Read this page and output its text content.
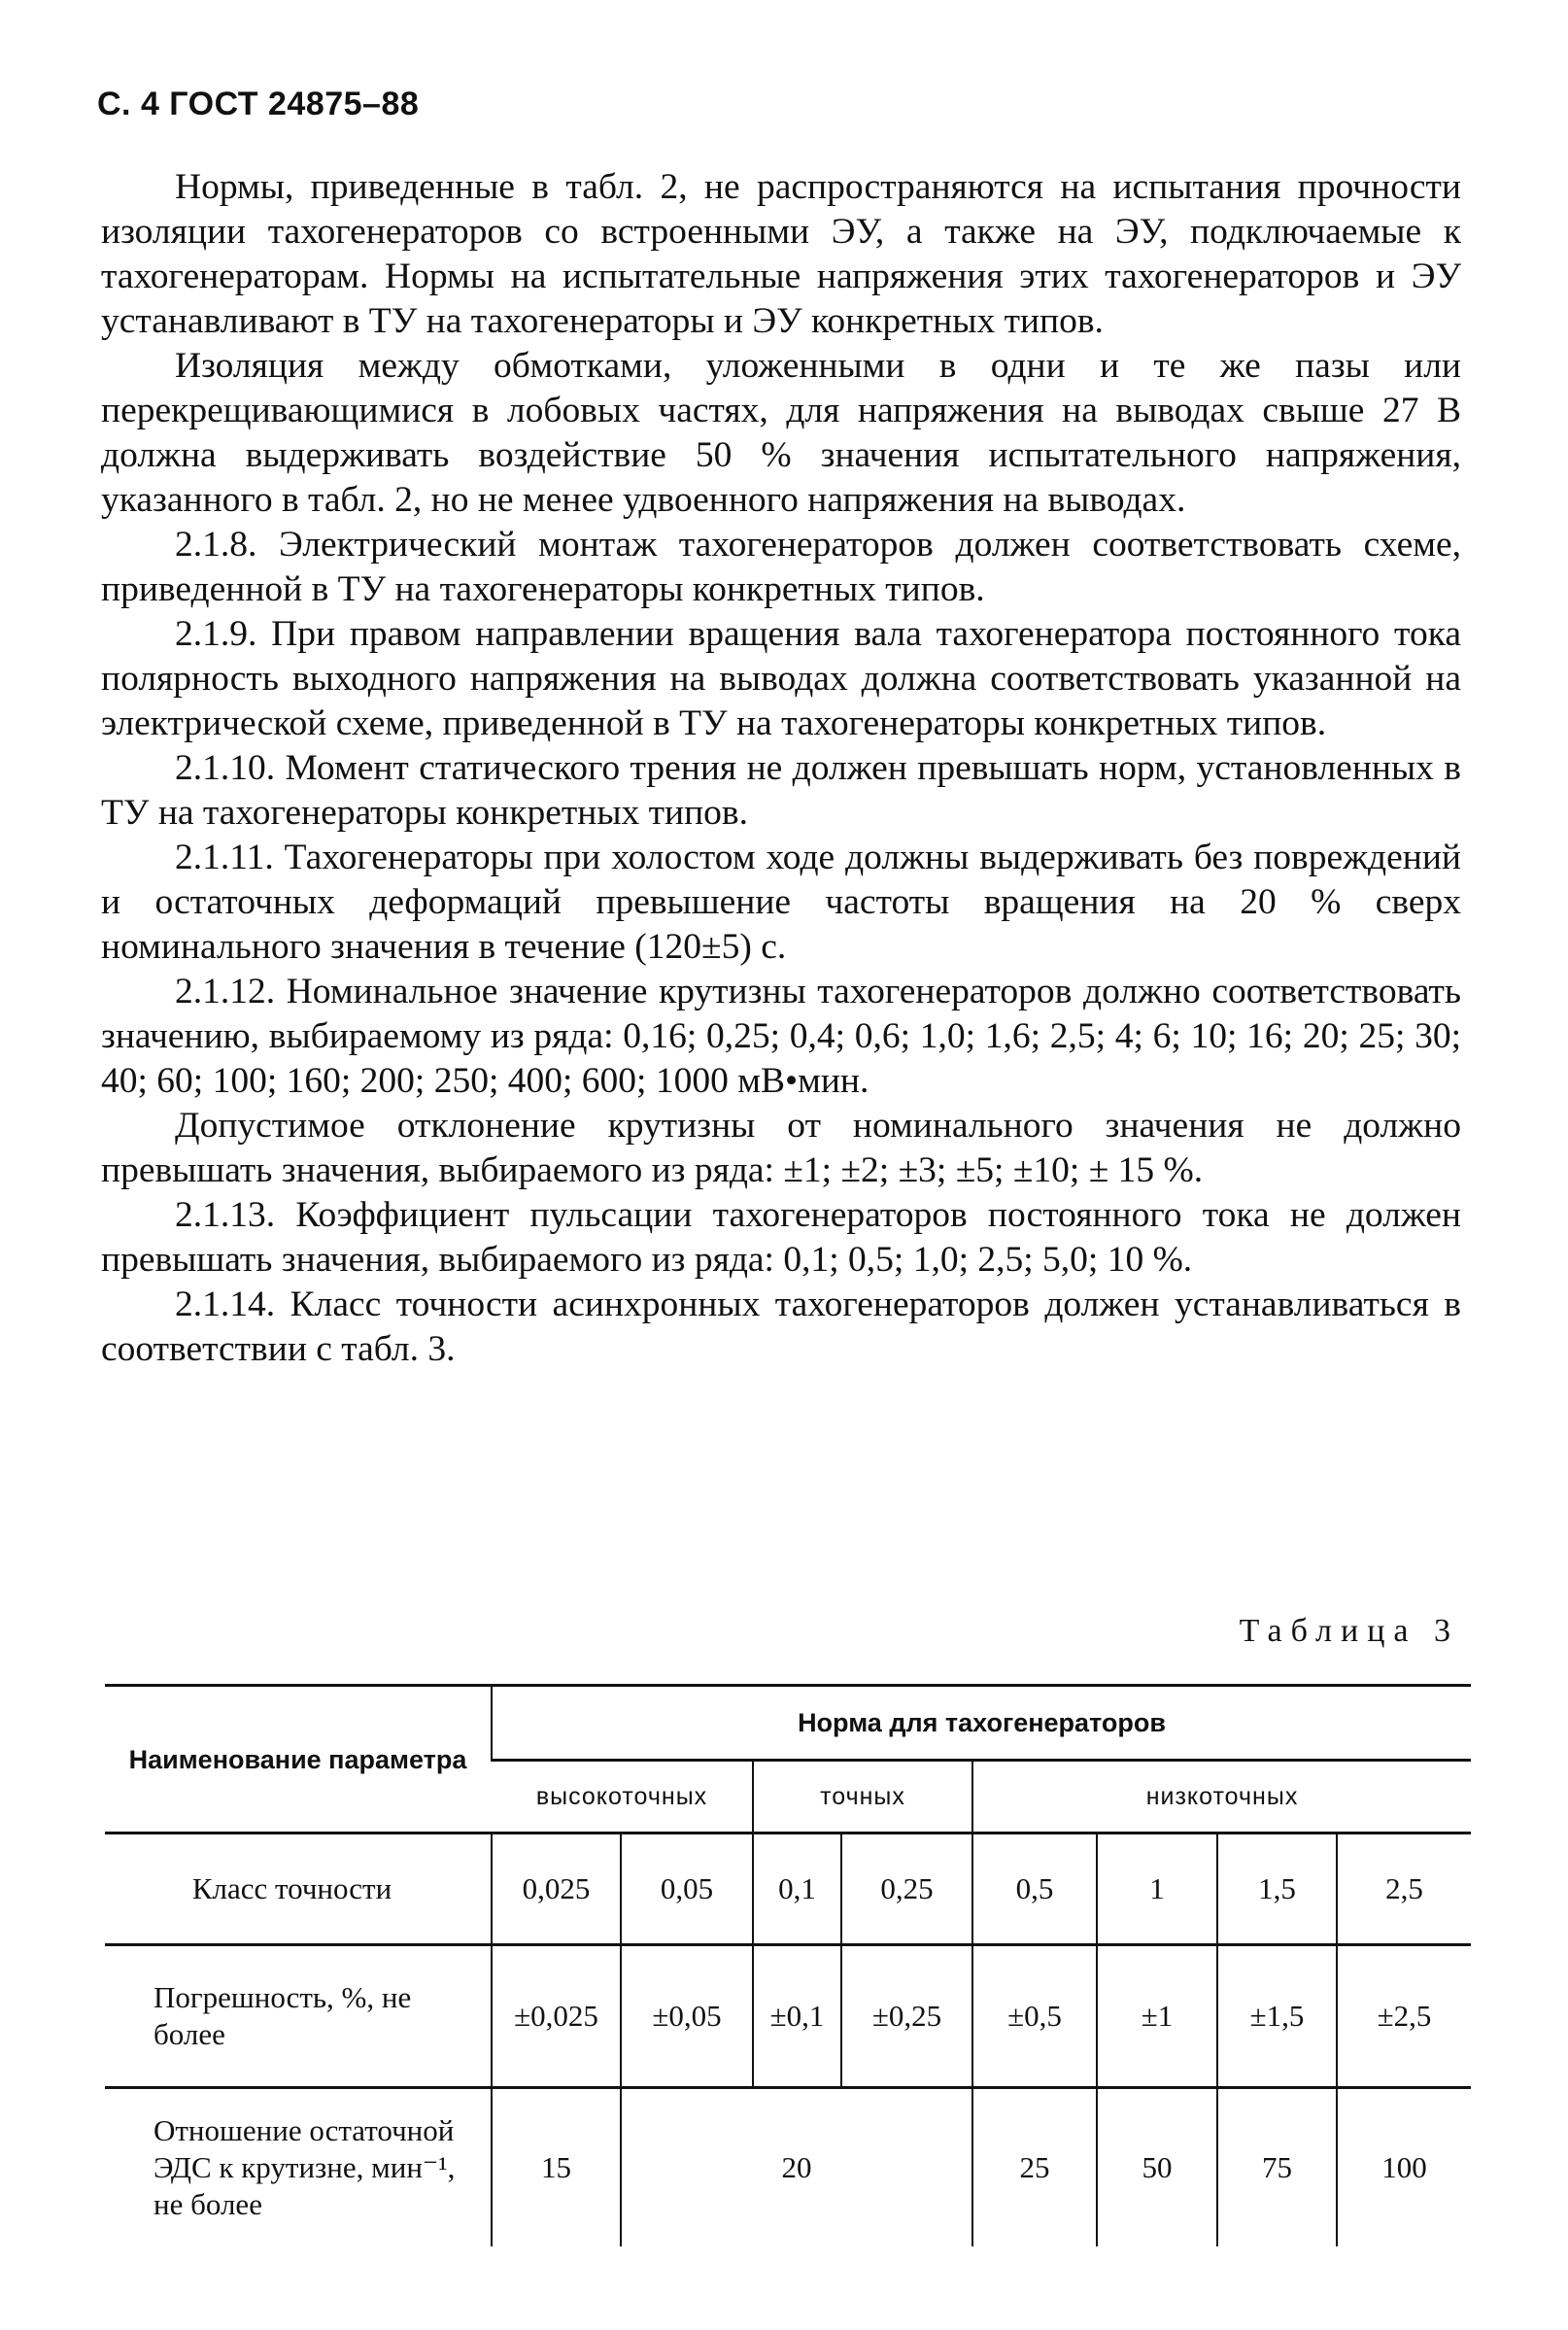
С. 4 ГОСТ 24875–88

Нормы, приведенные в табл. 2, не распространяются на испытания прочности изоляции тахогенераторов со встроенными ЭУ, а также на ЭУ, подключаемые к тахогенераторам. Нормы на испытательные напряжения этих тахогенераторов и ЭУ устанавливают в ТУ на тахогенераторы и ЭУ конкретных типов.

Изоляция между обмотками, уложенными в одни и те же пазы или перекрещивающимися в лобовых частях, для напряжения на выводах свыше 27 В должна выдерживать воздействие 50 % значения испытательного напряжения, указанного в табл. 2, но не менее удвоенного напряжения на выводах.

2.1.8. Электрический монтаж тахогенераторов должен соответствовать схеме, приведенной в ТУ на тахогенераторы конкретных типов.

2.1.9. При правом направлении вращения вала тахогенератора постоянного тока полярность выходного напряжения на выводах должна соответствовать указанной на электрической схеме, приведенной в ТУ на тахогенераторы конкретных типов.

2.1.10. Момент статического трения не должен превышать норм, установленных в ТУ на тахогенераторы конкретных типов.

2.1.11. Тахогенераторы при холостом ходе должны выдерживать без повреждений и остаточных деформаций превышение частоты вращения на 20 % сверх номинального значения в течение (120±5) с.

2.1.12. Номинальное значение крутизны тахогенераторов должно соответствовать значению, выбираемому из ряда: 0,16; 0,25; 0,4; 0,6; 1,0; 1,6; 2,5; 4; 6; 10; 16; 20; 25; 30; 40; 60; 100; 160; 200; 250; 400; 600; 1000 мВ•мин.

Допустимое отклонение крутизны от номинального значения не должно превышать значения, выбираемого из ряда: ±1; ±2; ±3; ±5; ±10; ± 15 %.

2.1.13. Коэффициент пульсации тахогенераторов постоянного тока не должен превышать значения, выбираемого из ряда: 0,1; 0,5; 1,0; 2,5; 5,0; 10 %.

2.1.14. Класс точности асинхронных тахогенераторов должен устанавливаться в соответствии с табл. 3.

Таблица 3
Наименование параметра	Норма для тахогенераторов							
	высокоточных		точных		низкоточных			
Класс точности	0,025	0,05	0,1	0,25	0,5	1	1,5	2,5
Погрешность, %, не более	±0,025	±0,05	±0,1	±0,25	±0,5	±1	±1,5	±2,5
Отношение остаточной ЭДС к крутизне, мин⁻¹, не более	15	20			25	50	75	100
